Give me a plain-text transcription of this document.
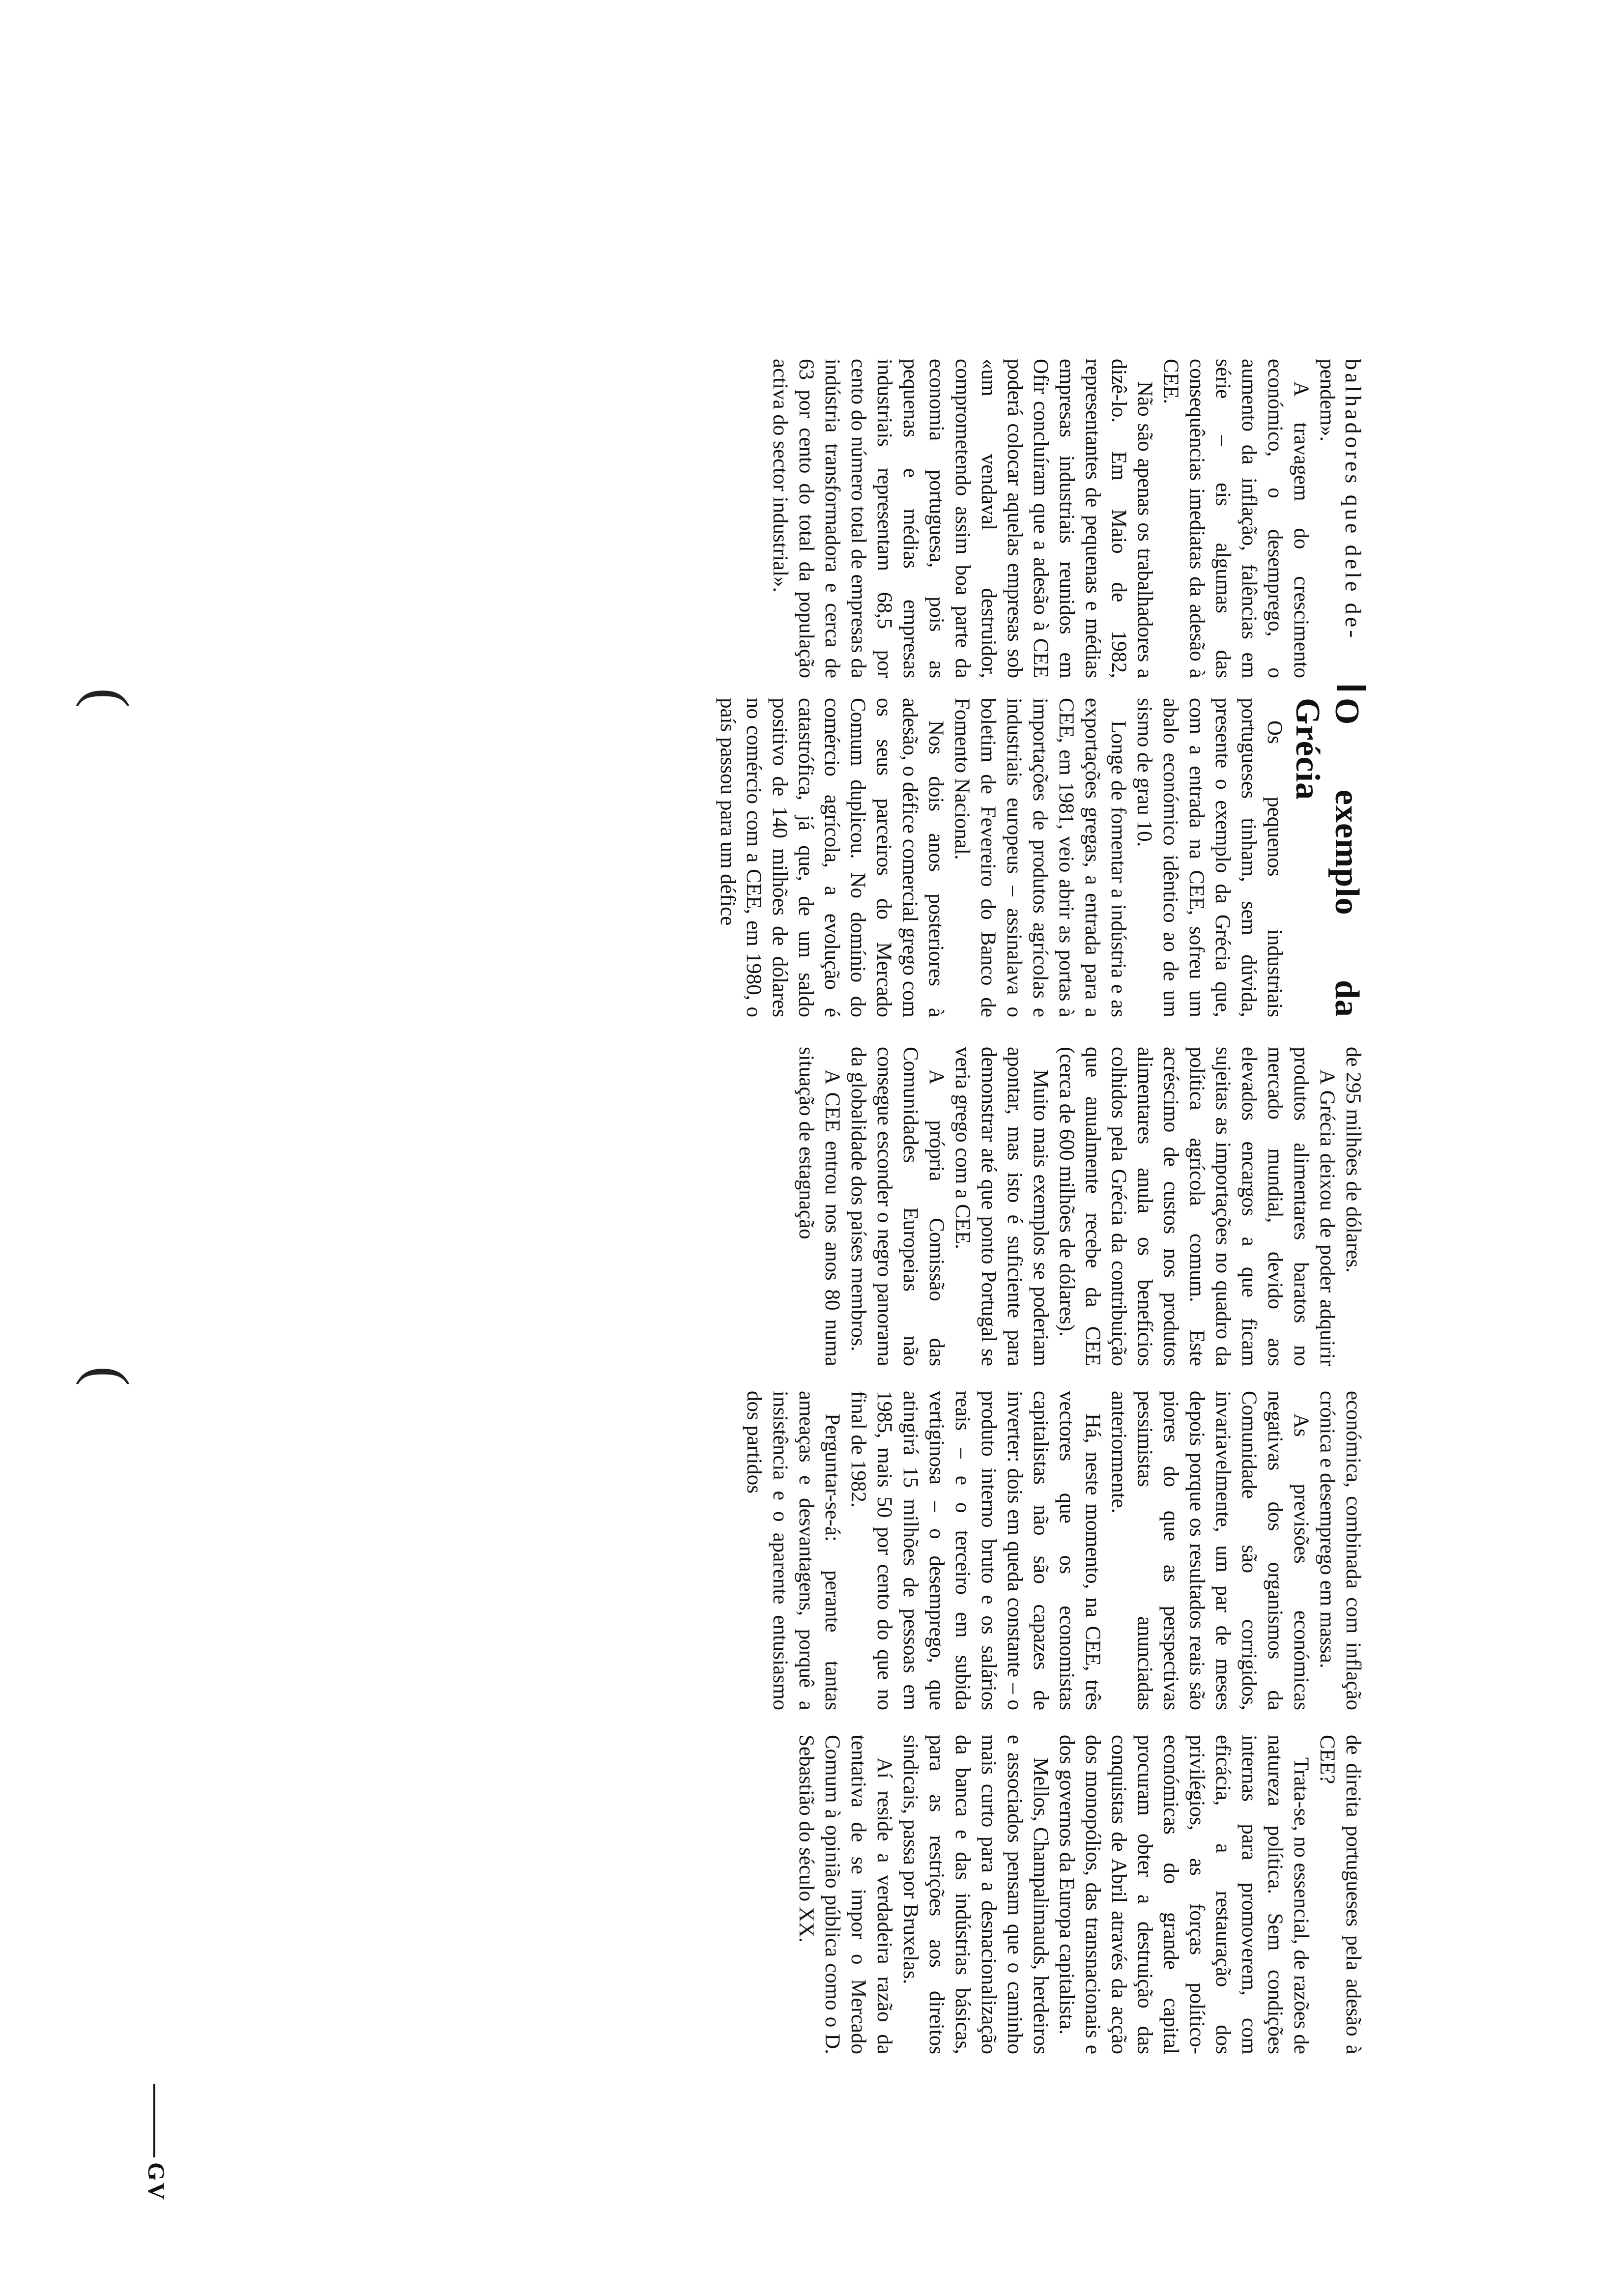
(
(

balhadores que dele de-

pendem».

A travagem do crescimento económico, o desemprego, o aumento da inflação, falências em série – eis algumas das consequências imediatas da adesão à CEE.

Não são apenas os trabalhadores a dizê-lo. Em Maio de 1982, representantes de pequenas e médias empresas industriais reunidos em Ofir concluíram que a adesão à CEE poderá colocar aquelas empresas sob «um vendaval destruidor, comprometendo assim boa parte da economia portuguesa, pois as pequenas e médias empresas industriais representam 68,5 por cento do número total de empresas da indústria transformadora e cerca de 63 por cento do total da população activa do sector industrial».

O exemplo da Grécia

Os pequenos industriais portugueses tinham, sem dúvida, presente o exemplo da Grécia que, com a entrada na CEE, sofreu um abalo económico idêntico ao de um sismo de grau 10.

Longe de fomentar a indústria e as exportações gregas, a entrada para a CEE, em 1981, veio abrir as portas à importações de produtos agrícolas e industriais europeus – assinalava o boletim de Fevereiro do Banco de Fomento Nacional.

Nos dois anos posteriores à adesão, o défice comercial grego com os seus parceiros do Mercado Comum duplicou. No domínio do comércio agrícola, a evolução é catastrófica, já que, de um saldo positivo de 140 milhões de dólares no comércio com a CEE, em 1980, o país passou para um défice

de 295 milhões de dólares.

A Grécia deixou de poder adquirir produtos alimentares baratos no mercado mundial, devido aos elevados encargos a que ficam sujeitas as importações no quadro da política agrícola comum. Este acréscimo de custos nos produtos alimentares anula os benefícios colhidos pela Grécia da contribuição que anualmente recebe da CEE (cerca de 600 milhões de dólares).

Muito mais exemplos se poderiam apontar, mas isto é suficiente para demonstrar até que ponto Portugal se veria grego com a CEE.

A própria Comissão das Comunidades Europeias não consegue esconder o negro panorama da globalidade dos países membros.

A CEE entrou nos anos 80 numa situação de estagnação

económica, combinada com inflação crónica e desemprego em massa.

As previsões económicas negativas dos organismos da Comunidade são corrigidos, invariavelmente, um par de meses depois porque os resultados reais são piores do que as perspectivas pessimistas anunciadas anteriormente.

Há, neste momento, na CEE, três vectores que os economistas capitalistas não são capazes de inverter: dois em queda constante – o produto interno bruto e os salários reais – e o terceiro em subida vertiginosa – o desemprego, que atingirá 15 milhões de pessoas em 1985, mais 50 por cento do que no final de 1982.

Perguntar-se-á: perante tantas ameaças e desvantagens, porquê a insistência e o aparente entusiasmo dos partidos

de direita portugueses pela adesão à CEE?

Trata-se, no essencial, de razões de natureza política. Sem condições internas para promoverem, com eficácia, a restauração dos privilégios, as forças político-económicas do grande capital procuram obter a destruição das conquistas de Abril através da acção dos monopólios, das transnacionais e dos governos da Europa capitalista.

Mellos, Champalimauds, herdeiros e associados pensam que o caminho mais curto para a desnacionalização da banca e das indústrias básicas, para as restrições aos direitos sindicais, passa por Bruxelas.

Aí reside a verdadeira razão da tentativa de se impor o Mercado Comum à opinião pública como o D. Sebastião do século XX.

GV
